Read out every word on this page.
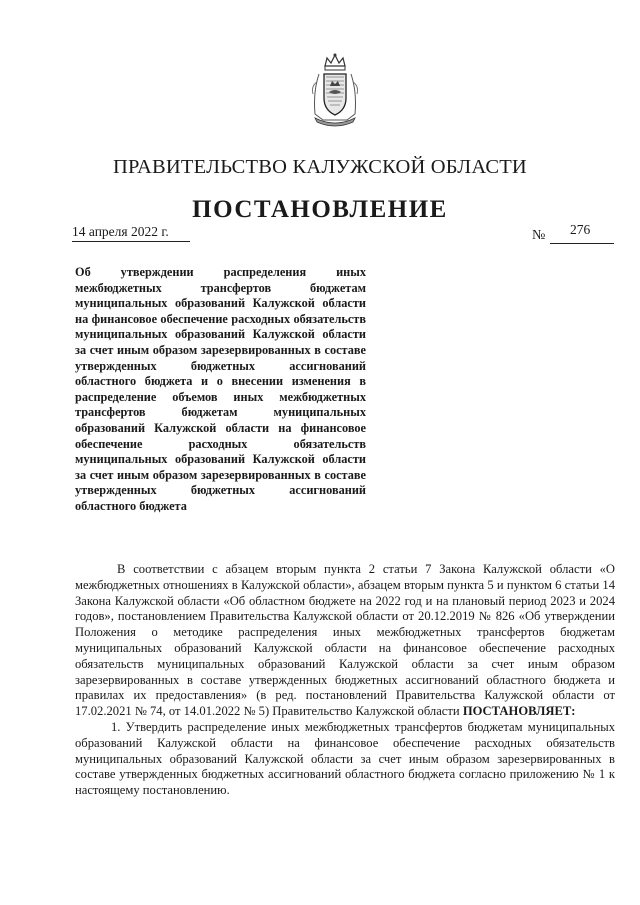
ПРАВИТЕЛЬСТВО КАЛУЖСКОЙ ОБЛАСТИ
ПОСТАНОВЛЕНИЕ
14 апреля 2022 г.	№ 276
Об утверждении распределения иных межбюджетных трансфертов бюджетам муниципальных образований Калужской области на финансовое обеспечение расходных обязательств муниципальных образований Калужской области за счет иным образом зарезервированных в составе утвержденных бюджетных ассигнований областного бюджета и о внесении изменения в распределение объемов иных межбюджетных трансфертов бюджетам муниципальных образований Калужской области на финансовое обеспечение расходных обязательств муниципальных образований Калужской области за счет иным образом зарезервированных в составе утвержденных бюджетных ассигнований областного бюджета

В соответствии с абзацем вторым пункта 2 статьи 7 Закона Калужской области «О межбюджетных отношениях в Калужской области», абзацем вторым пункта 5 и пунктом 6 статьи 14 Закона Калужской области «Об областном бюджете на 2022 год и на плановый период 2023 и 2024 годов», постановлением Правительства Калужской области от 20.12.2019 № 826 «Об утверждении Положения о методике распределения иных межбюджетных трансфертов бюджетам муниципальных образований Калужской области на финансовое обеспечение расходных обязательств муниципальных образований Калужской области за счет иным образом зарезервированных в составе утвержденных бюджетных ассигнований областного бюджета и правилах их предоставления» (в ред. постановлений Правительства Калужской области от 17.02.2021 № 74, от 14.01.2022 № 5) Правительство Калужской области ПОСТАНОВЛЯЕТ:

1. Утвердить распределение иных межбюджетных трансфертов бюджетам муниципальных образований Калужской области на финансовое обеспечение расходных обязательств муниципальных образований Калужской области за счет иным образом зарезервированных в составе утвержденных бюджетных ассигнований областного бюджета согласно приложению № 1 к настоящему постановлению.
